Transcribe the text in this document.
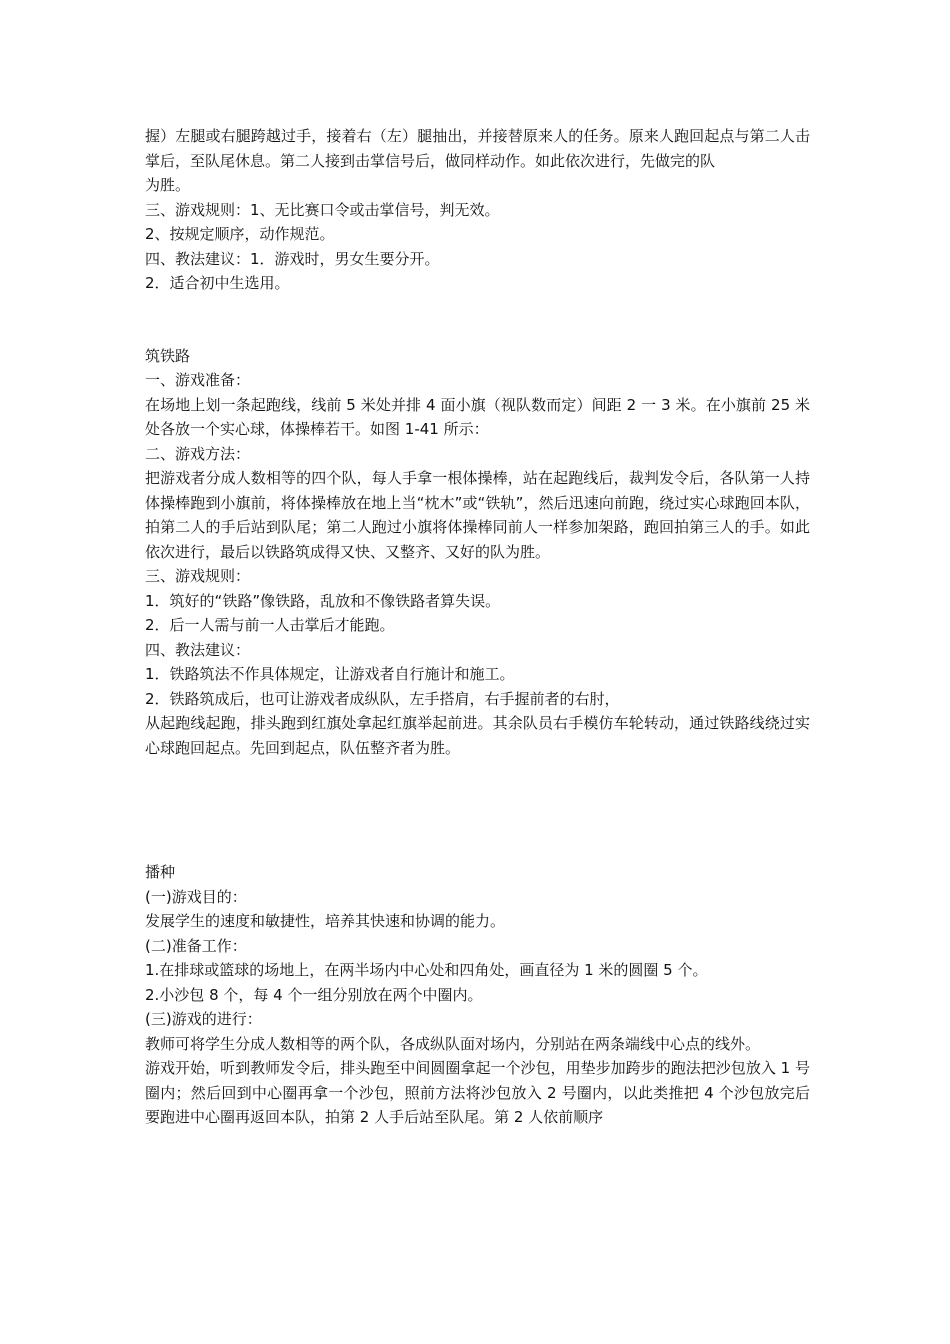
握）左腿或右腿跨越过手，接着右（左）腿抽出，并接替原来人的任务。原来人跑回起点与第二人击掌后，至队尾休息。第二人接到击掌信号后，做同样动作。如此依次进行，先做完的队

为胜。

三、游戏规则：1、无比赛口令或击掌信号，判无效。

2、按规定顺序，动作规范。

四、教法建议：1．游戏时，男女生要分开。

2．适合初中生选用。

筑铁路

一、游戏准备：

在场地上划一条起跑线，线前 5 米处并排 4 面小旗（视队数而定）间距 2 一 3 米。在小旗前 25 米处各放一个实心球，体操棒若干。如图 1-41 所示：

二、游戏方法：

把游戏者分成人数相等的四个队，每人手拿一根体操棒，站在起跑线后，裁判发令后，各队第一人持体操棒跑到小旗前，将体操棒放在地上当“枕木”或“铁轨”，然后迅速向前跑，绕过实心球跑回本队，拍第二人的手后站到队尾；第二人跑过小旗将体操棒同前人一样参加架路，跑回拍第三人的手。如此依次进行，最后以铁路筑成得又快、又整齐、又好的队为胜。

三、游戏规则：

1．筑好的“铁路”像铁路，乱放和不像铁路者算失误。

2．后一人需与前一人击掌后才能跑。

四、教法建议：

1．铁路筑法不作具体规定，让游戏者自行施计和施工。

2．铁路筑成后，也可让游戏者成纵队，左手搭肩，右手握前者的右肘，

从起跑线起跑，排头跑到红旗处拿起红旗举起前进。其余队员右手模仿车轮转动，通过铁路线绕过实心球跑回起点。先回到起点，队伍整齐者为胜。

播种

(一)游戏目的：

发展学生的速度和敏捷性，培养其快速和协调的能力。

(二)准备工作：

1.在排球或篮球的场地上，在两半场内中心处和四角处，画直径为 1 米的圆圈 5 个。

2.小沙包 8 个，每 4 个一组分别放在两个中圈内。

(三)游戏的进行：

教师可将学生分成人数相等的两个队，各成纵队面对场内，分别站在两条端线中心点的线外。

游戏开始，听到教师发令后，排头跑至中间圆圈拿起一个沙包，用垫步加跨步的跑法把沙包放入 1 号圈内；然后回到中心圈再拿一个沙包，照前方法将沙包放入 2 号圈内，以此类推把 4 个沙包放完后要跑进中心圈再返回本队，拍第 2 人手后站至队尾。第 2 人依前顺序
